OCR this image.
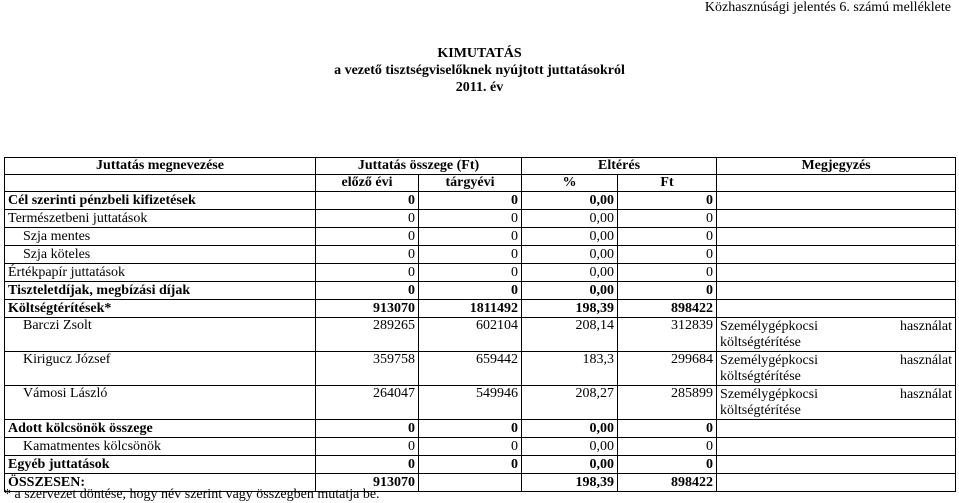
Közhasznúsági jelentés 6. számú melléklete
KIMUTATÁS
a vezető tisztségviselőknek nyújtott juttatásokról
2011. év
Juttatás megnevezése	Juttatás összege (Ft)		Eltérés		Megjegyzés
	előző évi	tárgyévi	%	Ft	
Cél szerinti pénzbeli kifizetések	0	0	0,00	0	
Természetbeni juttatások	0	0	0,00	0	
Szja mentes	0	0	0,00	0	
Szja köteles	0	0	0,00	0	
Értékpapír juttatások	0	0	0,00	0	
Tiszteletdíjak, megbízási díjak	0	0	0,00	0	
Költségtérítések*	913070	1811492	198,39	898422	
Barczi Zsolt	289265	602104	208,14	312839	Személygépkocsi használat
költségtérítése

Kirigucz József	359758	659442	183,3	299684	Személygépkocsi használat
költségtérítése

Vámosi László	264047	549946	208,27	285899	Személygépkocsi használat
költségtérítése

Adott kölcsönök összege	0	0	0,00	0	
Kamatmentes kölcsönök	0	0	0,00	0	
Egyéb juttatások	0	0	0,00	0	
ÖSSZESEN:	913070		198,39	898422	
* a szervezet döntése, hogy név szerint vagy összegben mutatja be.
